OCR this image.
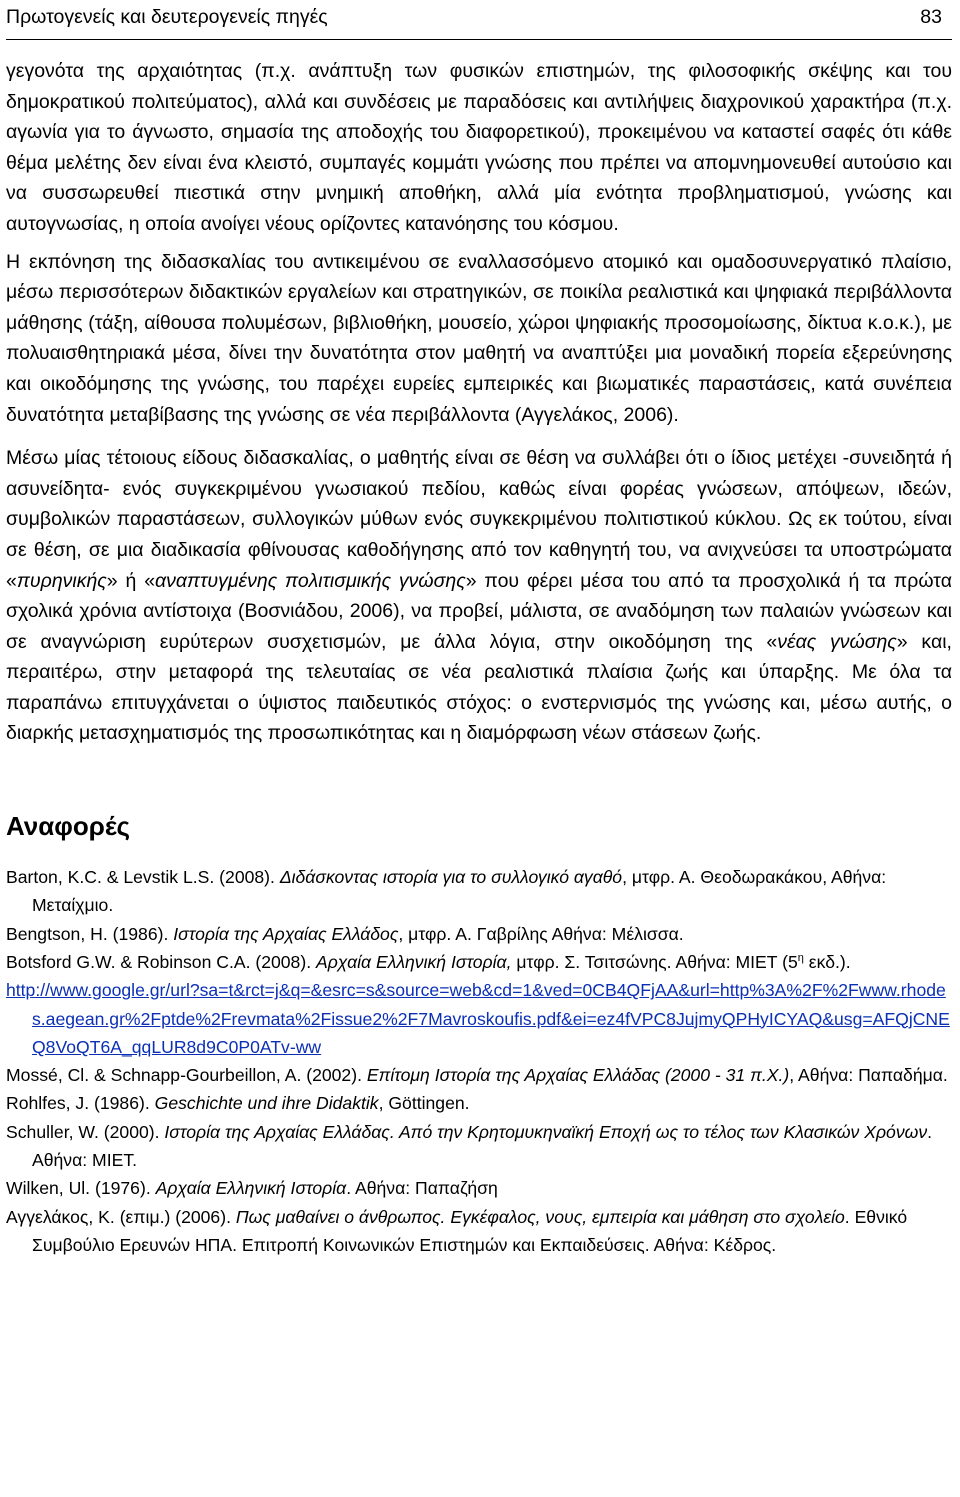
Πρωτογενείς και δευτερογενείς πηγές	83

γεγονότα της αρχαιότητας (π.χ. ανάπτυξη των φυσικών επιστημών, της φιλοσοφικής σκέψης και του δημοκρατικού πολιτεύματος), αλλά και συνδέσεις με παραδόσεις και αντιλήψεις διαχρονικού χαρακτήρα (π.χ. αγωνία για το άγνωστο, σημασία της αποδοχής του διαφορετικού), προκειμένου να καταστεί σαφές ότι κάθε θέμα μελέτης δεν είναι ένα κλειστό, συμπαγές κομμάτι γνώσης που πρέπει να απομνημονευθεί αυτούσιο και να συσσωρευθεί πιεστικά στην μνημική αποθήκη, αλλά μία ενότητα προβληματισμού, γνώσης και αυτογνωσίας, η οποία ανοίγει νέους ορίζοντες κατανόησης του κόσμου.

Η εκπόνηση της διδασκαλίας του αντικειμένου σε εναλλασσόμενο ατομικό και ομαδοσυνεργατικό πλαίσιο, μέσω περισσότερων διδακτικών εργαλείων και στρατηγικών, σε ποικίλα ρεαλιστικά και ψηφιακά περιβάλλοντα μάθησης (τάξη, αίθουσα πολυμέσων, βιβλιοθήκη, μουσείο, χώροι ψηφιακής προσομοίωσης, δίκτυα κ.ο.κ.), με πολυαισθητηριακά μέσα, δίνει την δυνατότητα στον μαθητή να αναπτύξει μια μοναδική πορεία εξερεύνησης και οικοδόμησης της γνώσης, του παρέχει ευρείες εμπειρικές και βιωματικές παραστάσεις, κατά συνέπεια δυνατότητα μεταβίβασης της γνώσης σε νέα περιβάλλοντα (Αγγελάκος, 2006).

Μέσω μίας τέτοιους είδους διδασκαλίας, ο μαθητής είναι σε θέση να συλλάβει ότι ο ίδιος μετέχει -συνειδητά ή ασυνείδητα- ενός συγκεκριμένου γνωσιακού πεδίου, καθώς είναι φορέας γνώσεων, απόψεων, ιδεών, συμβολικών παραστάσεων, συλλογικών μύθων ενός συγκεκριμένου πολιτιστικού κύκλου. Ως εκ τούτου, είναι σε θέση, σε μια διαδικασία φθίνουσας καθοδήγησης από τον καθηγητή του, να ανιχνεύσει τα υποστρώματα «πυρηνικής» ή «αναπτυγμένης πολιτισμικής γνώσης» που φέρει μέσα του από τα προσχολικά ή τα πρώτα σχολικά χρόνια αντίστοιχα (Βοσνιάδου, 2006), να προβεί, μάλιστα, σε αναδόμηση των παλαιών γνώσεων και σε αναγνώριση ευρύτερων συσχετισμών, με άλλα λόγια, στην οικοδόμηση της «νέας γνώσης» και, περαιτέρω, στην μεταφορά της τελευταίας σε νέα ρεαλιστικά πλαίσια ζωής και ύπαρξης. Με όλα τα παραπάνω επιτυγχάνεται ο ύψιστος παιδευτικός στόχος: ο ενστερνισμός της γνώσης και, μέσω αυτής, ο διαρκής μετασχηματισμός της προσωπικότητας και η διαμόρφωση νέων στάσεων ζωής.

Αναφορές
Barton, K.C. & Levstik L.S. (2008). Διδάσκοντας ιστορία για το συλλογικό αγαθό, μτφρ. Α. Θεοδωρακάκου, Αθήνα: Μεταίχμιο.
Bengtson, H. (1986). Ιστορία της Αρχαίας Ελλάδος, μτφρ. Α. Γαβρίλης Αθήνα: Μέλισσα.
Botsford G.W. & Robinson C.A. (2008). Αρχαία Ελληνική Ιστορία, μτφρ. Σ. Τσιτσώνης. Αθήνα: ΜΙΕΤ ($5^\eta$ εκδ.).
http://www.google.gr/url?sa=t&rct=j&q=&esrc=s&source=web&cd=1&ved=0CB4QFjAA&url=http%3A%2F%2Fwww.rhodes.aegean.gr%2Fptde%2Frevmata%2Fissue2%2F7Mavroskoufis.pdf&ei=ez4fVPC8JujmyQPHyICYAQ&usg=AFQjCNEQ8VoQT6A_qqLUR8d9C0P0ATv-ww
Mossé, Cl. & Schnapp-Gourbeillon, A. (2002). Επίτομη Ιστορία της Αρχαίας Ελλάδας (2000 - 31 π.Χ.), Αθήνα: Παπαδήμα.
Rohlfes, J. (1986). Geschichte und ihre Didaktik, Göttingen.
Schuller, W. (2000). Ιστορία της Αρχαίας Ελλάδας. Από την Κρητομυκηναϊκή Εποχή ως το τέλος των Κλασικών Χρόνων. Αθήνα: ΜΙΕΤ.
Wilken, Ul. (1976). Αρχαία Ελληνική Ιστορία. Αθήνα: Παπαζήση
Αγγελάκος, Κ. (επιμ.) (2006). Πως μαθαίνει ο άνθρωπος. Εγκέφαλος, νους, εμπειρία και μάθηση στο σχολείο. Εθνικό Συμβούλιο Ερευνών ΗΠΑ. Επιτροπή Κοινωνικών Επιστημών και Εκπαιδεύσεις. Αθήνα: Κέδρος.
